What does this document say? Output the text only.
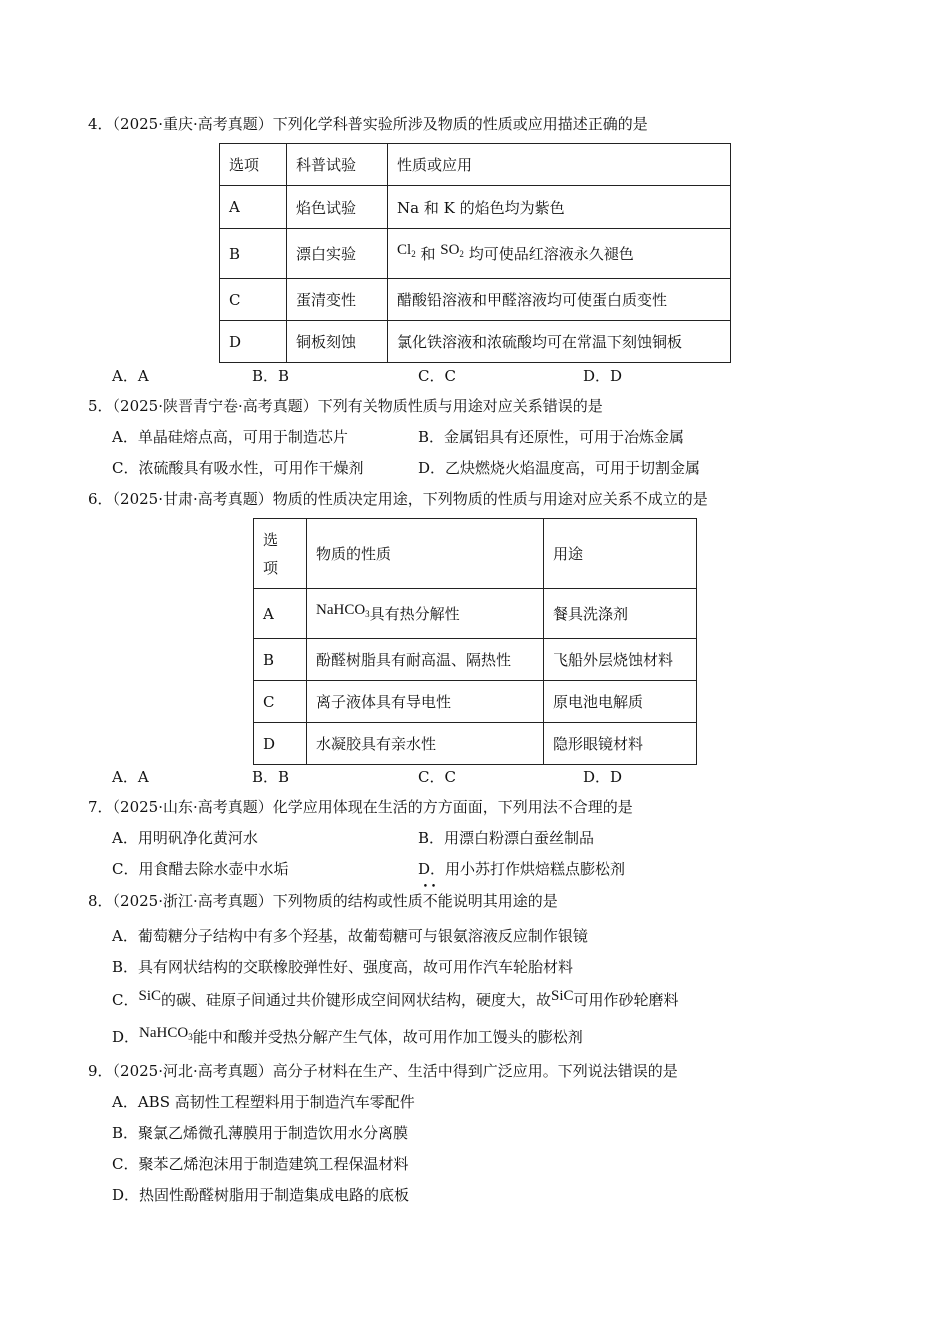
4．（2025·重庆·高考真题）下列化学科普实验所涉及物质的性质或应用描述正确的是
选项	科普试验	性质或应用
A	焰色试验	Na 和 K 的焰色均为紫色
B	漂白实验	$Cl_2$ 和 $SO_2$ 均可使品红溶液永久褪色
C	蛋清变性	醋酸铅溶液和甲醛溶液均可使蛋白质变性
D	铜板刻蚀	氯化铁溶液和浓硫酸均可在常温下刻蚀铜板
A．A	B．B	C．C	D．D
5．（2025·陕晋青宁卷·高考真题）下列有关物质性质与用途对应关系错误的是
A．单晶硅熔点高，可用于制造芯片	B．金属铝具有还原性，可用于冶炼金属
C．浓硫酸具有吸水性，可用作干燥剂	D．乙炔燃烧火焰温度高，可用于切割金属
6．（2025·甘肃·高考真题）物质的性质决定用途，下列物质的性质与用途对应关系不成立的是
选
项	物质的性质	用途
A	NaHCO$_3$具有热分解性	餐具洗涤剂
B	酚醛树脂具有耐高温、隔热性	飞船外层烧蚀材料
C	离子液体具有导电性	原电池电解质
D	水凝胶具有亲水性	隐形眼镜材料
A．A	B．B	C．C	D．D
7．（2025·山东·高考真题）化学应用体现在生活的方方面面，下列用法不合理的是
A．用明矾净化黄河水	B．用漂白粉漂白蚕丝制品
C．用食醋去除水壶中水垢	D．用小苏打作烘焙糕点膨松剂
8．（2025·浙江·高考真题）下列物质的结构或性质不能 • •说明其用途的是
A．葡萄糖分子结构中有多个羟基，故葡萄糖可与银氨溶液反应制作银镜
B．具有网状结构的交联橡胶弹性好、强度高，故可用作汽车轮胎材料
C．SiC的碳、硅原子间通过共价键形成空间网状结构，硬度大，故SiC可用作砂轮磨料
D．NaHCO$_3$能中和酸并受热分解产生气体，故可用作加工馒头的膨松剂
9．（2025·河北·高考真题）高分子材料在生产、生活中得到广泛应用。下列说法错误的是
A．ABS 高韧性工程塑料用于制造汽车零配件
B．聚氯乙烯微孔薄膜用于制造饮用水分离膜
C．聚苯乙烯泡沫用于制造建筑工程保温材料
D．热固性酚醛树脂用于制造集成电路的底板
